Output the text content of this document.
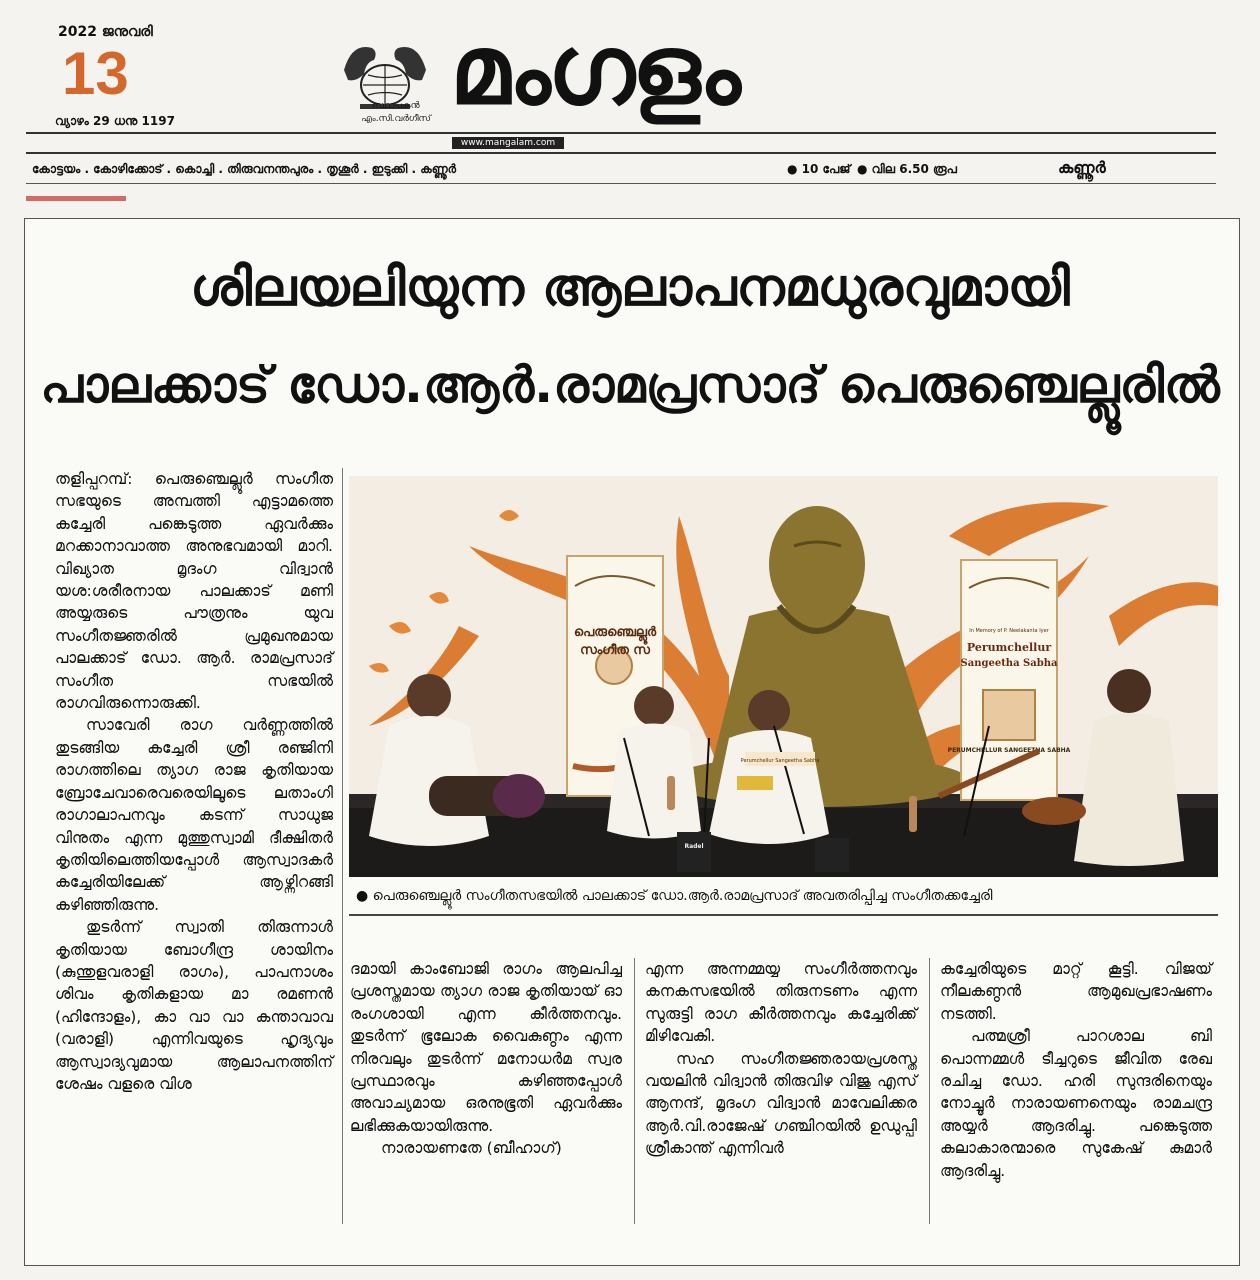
2022 ജനുവരി
13
വ്യാഴം 29 ധനു 1197
സ്ഥാപകൻ
എം.സി.വർഗീസ് മംഗളം
www.mangalam.com
കോട്ടയം . കോഴിക്കോട് . കൊച്ചി . തിരുവനന്തപുരം . തൃശൂർ . ഇടുക്കി . കണ്ണൂർ	● 10 പേജ് ● വില 6.50 രൂപ	കണ്ണൂർ
ശിലയലിയുന്ന ആലാപനമധുരവുമായി
പാലക്കാട് ഡോ.ആർ.രാമപ്രസാദ് പെരുഞ്ചെല്ലൂരിൽ
പെരുഞ്ചെല്ലൂർ
സംഗീത സ
In Memory of P. Neelakanta Iyer
Perumchellur
Sangeetha Sabha
PERUMCHELLUR SANGEETHA SABHA
Radel
Perumchellur Sangeetha Sabha
● പെരുഞ്ചെല്ലൂർ സംഗീതസഭയിൽ പാലക്കാട് ഡോ.ആർ.രാമപ്രസാദ് അവതരിപ്പിച്ച സംഗീതക്കച്ചേരി

തളിപ്പറമ്പ്: പെരുഞ്ചെല്ലൂർ സംഗീത സഭയുടെ അമ്പത്തി എട്ടാമത്തെ കച്ചേരി പങ്കെടുത്ത ഏവർക്കും മറക്കാനാവാത്ത അനുഭവമായി മാറി. വിഖ്യാത മൃദംഗ വിദ്വാൻ യശ:ശരീരനായ പാലക്കാട് മണി അയ്യരുടെ പൗത്രനും യുവ സംഗീതജ്ഞരിൽ പ്രമുഖനുമായ പാലക്കാട് ഡോ. ആർ. രാമപ്രസാദ് സംഗീത സഭയിൽ രാഗവിരുന്നൊരുക്കി.

സാവേരി രാഗ വർണ്ണത്തിൽ തുടങ്ങിയ കച്ചേരി ശ്രീ രഞ്ജിനി രാഗത്തിലെ ത്യാഗ രാജ കൃതിയായ ബ്രോചേവാരെവരെയിലൂടെ ലതാംഗി രാഗാലാപനവും കടന്ന് സാധുജ വിനുതം എന്ന മുത്തുസ്വാമി ദീക്ഷിതർ കൃതിയിലെത്തിയപ്പോൾ ആസ്വാദകർ കച്ചേരിയിലേക്ക് ആഴ്ന്നിറങ്ങി കഴിഞ്ഞിരുന്നു.

തുടർന്ന് സ്വാതി തിരുന്നാൾ കൃതിയായ ബോഗീന്ദ്ര ശായിനം (കുന്തുളവരാളി രാഗം), പാപനാശം ശിവം കൃതികളായ മാ രമണൻ (ഹിന്ദോളം), കാ വാ വാ കന്താവാവ (വരാളി) എന്നിവയുടെ ഹൃദ്യവും ആസ്വാദ്യവുമായ ആലാപനത്തിന് ശേഷം വളരെ വിശ

ദമായി കാംബോജി രാഗം ആലപിച്ച പ്രശസ്തമായ ത്യാഗ രാജ കൃതിയായ് ഓ രംഗശായി എന്ന കീർത്തനവും. തുടർന്ന് ഭൂലോക വൈകുണ്ഠം എന്ന നിരവലും തുടർന്ന് മനോധർമ സ്വര പ്രസ്ഥാരവും കഴിഞ്ഞപ്പോൾ അവാച്യമായ ഒരനുഭൂതി ഏവർക്കും ലഭിക്കുകയായിരുന്നു.

നാരായണതേ (ബീഹാഗ്)

എന്ന അന്നമ്മയ്യ സംഗീർത്തനവും കനകസഭയിൽ തിരുനടണം എന്ന സുരുട്ടി രാഗ കീർത്തനവും കച്ചേരിക്ക് മിഴിവേകി.

സഹ സംഗീതജ്ഞരായപ്രശസ്ത വയലിൻ വിദ്വാൻ തിരുവിഴ വിജു എസ് ആനന്ദ്, മൃദംഗ വിദ്വാൻ മാവേലിക്കര ആർ.വി.രാജേഷ് ഗഞ്ചിറയിൽ ഉഡുപ്പി ശ്രീകാന്ത് എന്നിവർ

കച്ചേരിയുടെ മാറ്റ് കൂട്ടി. വിജയ് നീലകണ്ഠൻ ആമുഖപ്രഭാഷണം നടത്തി.

പത്മശ്രീ പാറശാല ബി പൊന്നമ്മൾ ടീച്ചറുടെ ജീവിത രേഖ രചിച്ച ഡോ. ഹരി സുന്ദരിനെയും നോച്ചൂർ നാരായണനെയും രാമചന്ദ്ര അയ്യർ ആദരിച്ചു. പങ്കെടുത്ത കലാകാരന്മാരെ സുകേഷ് കുമാർ ആദരിച്ചു.
